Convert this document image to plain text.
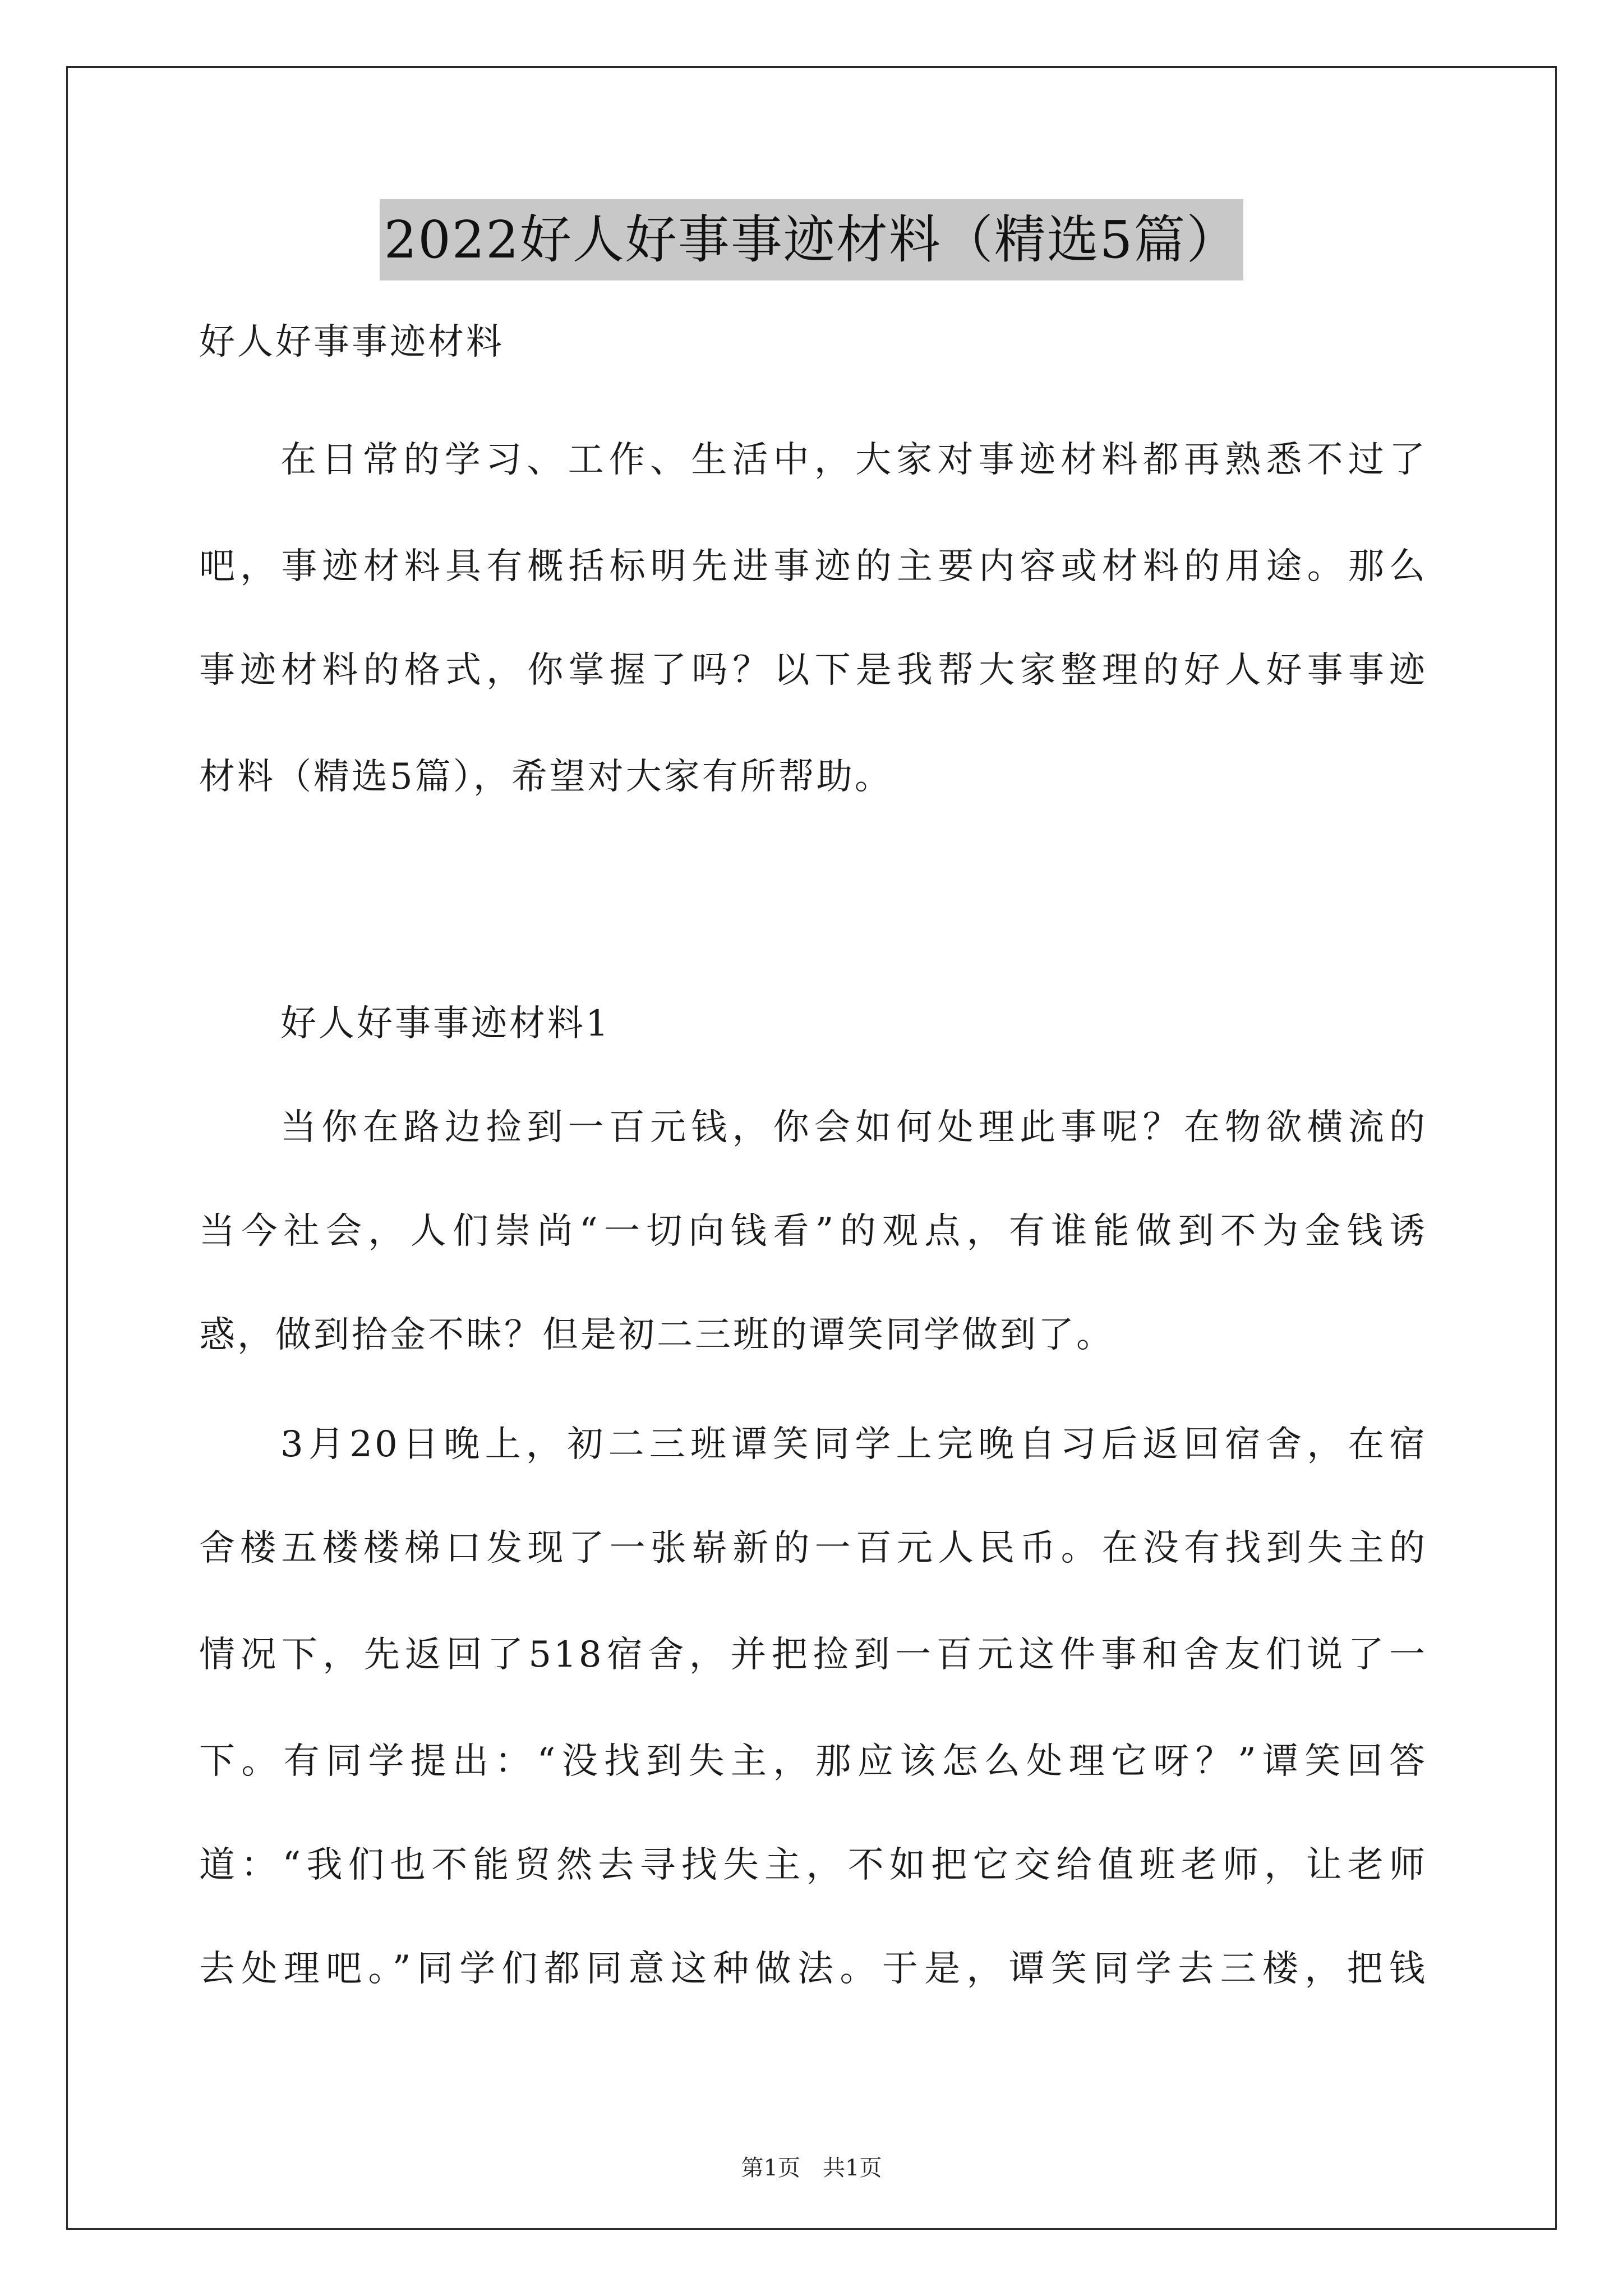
2022好人好事事迹材料（精选5篇）
好人好事事迹材料
在日常的学习、工作、生活中，大家对事迹材料都再熟悉不过了
吧，事迹材料具有概括标明先进事迹的主要内容或材料的用途。那么
事迹材料的格式，你掌握了吗？以下是我帮大家整理的好人好事事迹
材料（精选5篇），希望对大家有所帮助。
好人好事事迹材料1
当你在路边捡到一百元钱，你会如何处理此事呢？在物欲横流的
当今社会，人们崇尚“一切向钱看”的观点，有谁能做到不为金钱诱
惑，做到拾金不昧？但是初二三班的谭笑同学做到了。
3月20日晚上，初二三班谭笑同学上完晚自习后返回宿舍，在宿
舍楼五楼楼梯口发现了一张崭新的一百元人民币。在没有找到失主的
情况下，先返回了518宿舍，并把捡到一百元这件事和舍友们说了一
下。有同学提出：“没找到失主，那应该怎么处理它呀？”谭笑回答
道：“我们也不能贸然去寻找失主，不如把它交给值班老师，让老师
去处理吧。”同学们都同意这种做法。于是，谭笑同学去三楼，把钱
第1页　共1页
